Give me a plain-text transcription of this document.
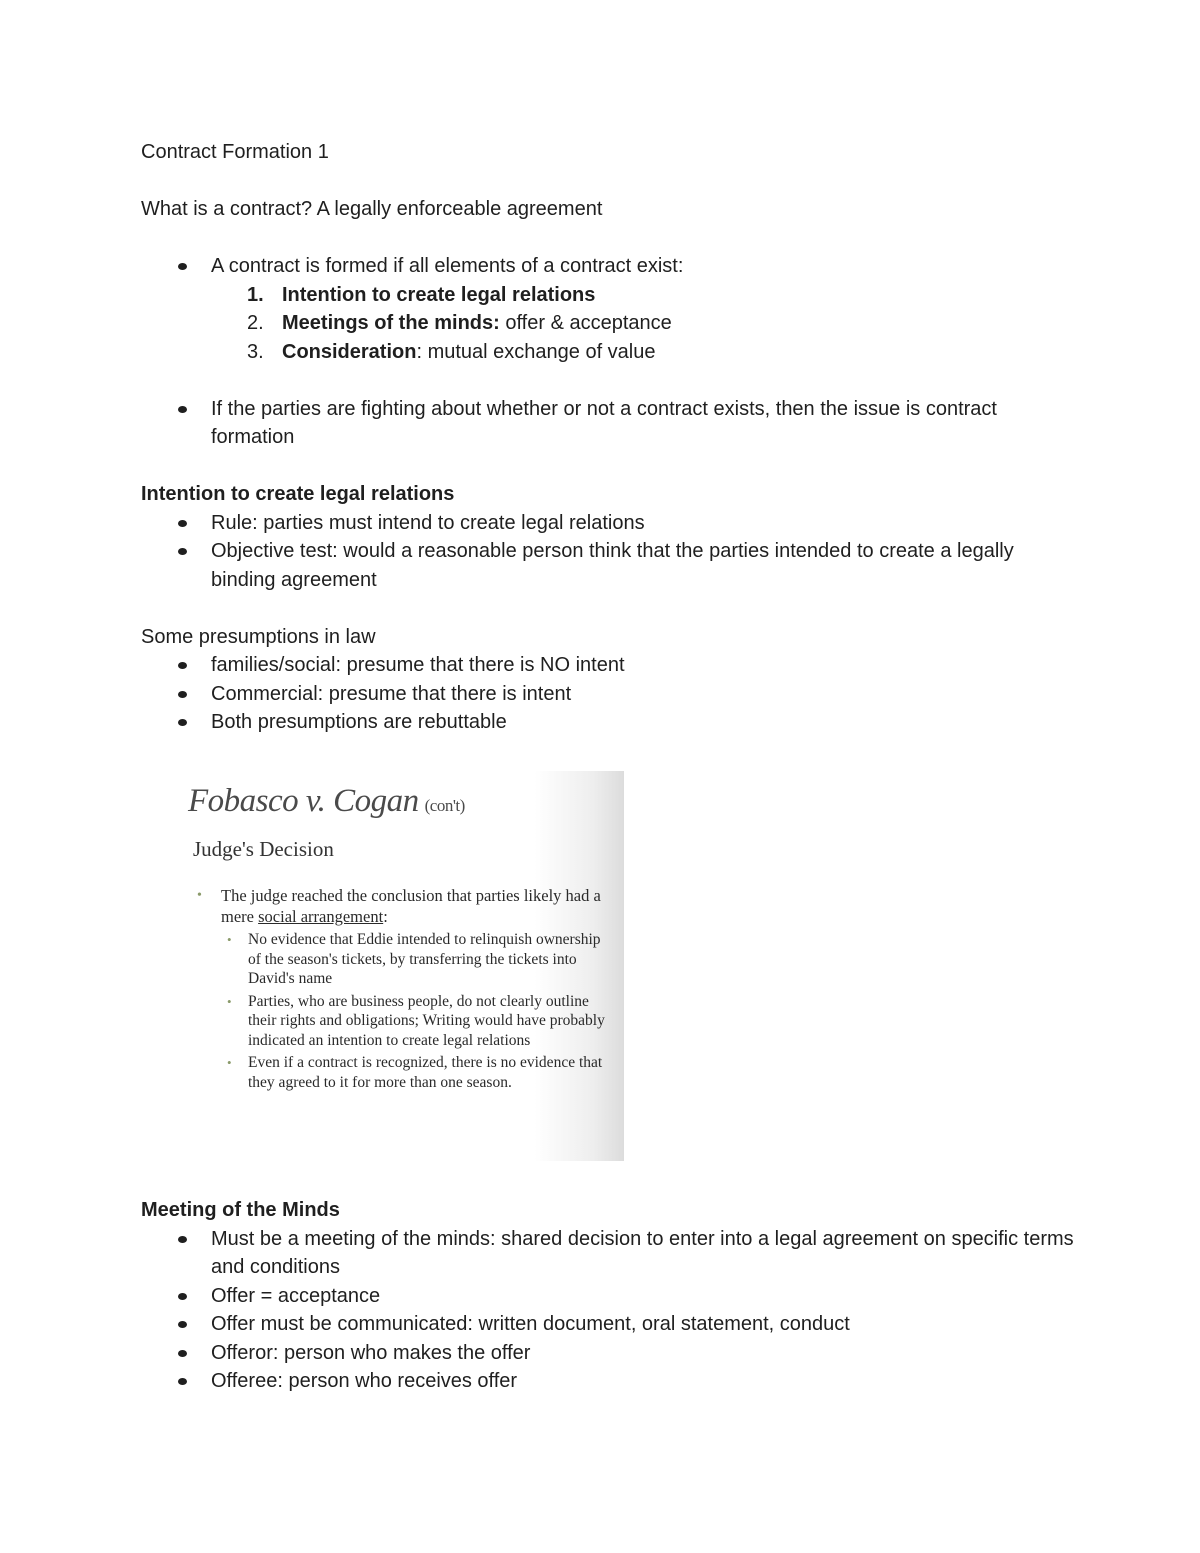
Contract Formation 1

What is a contract? A legally enforceable agreement

A contract is formed if all elements of a contract exist:
1. Intention to create legal relations
2. Meetings of the minds: offer & acceptance
3. Consideration: mutual exchange of value
If the parties are fighting about whether or not a contract exists, then the issue is contract formation

Intention to create legal relations

Rule: parties must intend to create legal relations
Objective test: would a reasonable person think that the parties intended to create a legally binding agreement

Some presumptions in law

families/social: presume that there is NO intent
Commercial: presume that there is intent
Both presumptions are rebuttable
Fobasco v. Cogan (con't)
Judge's Decision
• The judge reached the conclusion that parties likely had a mere social arrangement:
• No evidence that Eddie intended to relinquish ownership of the season's tickets, by transferring the tickets into David's name
• Parties, who are business people, do not clearly outline their rights and obligations; Writing would have probably indicated an intention to create legal relations
• Even if a contract is recognized, there is no evidence that they agreed to it for more than one season.

Meeting of the Minds

Must be a meeting of the minds: shared decision to enter into a legal agreement on specific terms and conditions
Offer = acceptance
Offer must be communicated: written document, oral statement, conduct
Offeror: person who makes the offer
Offeree: person who receives offer
